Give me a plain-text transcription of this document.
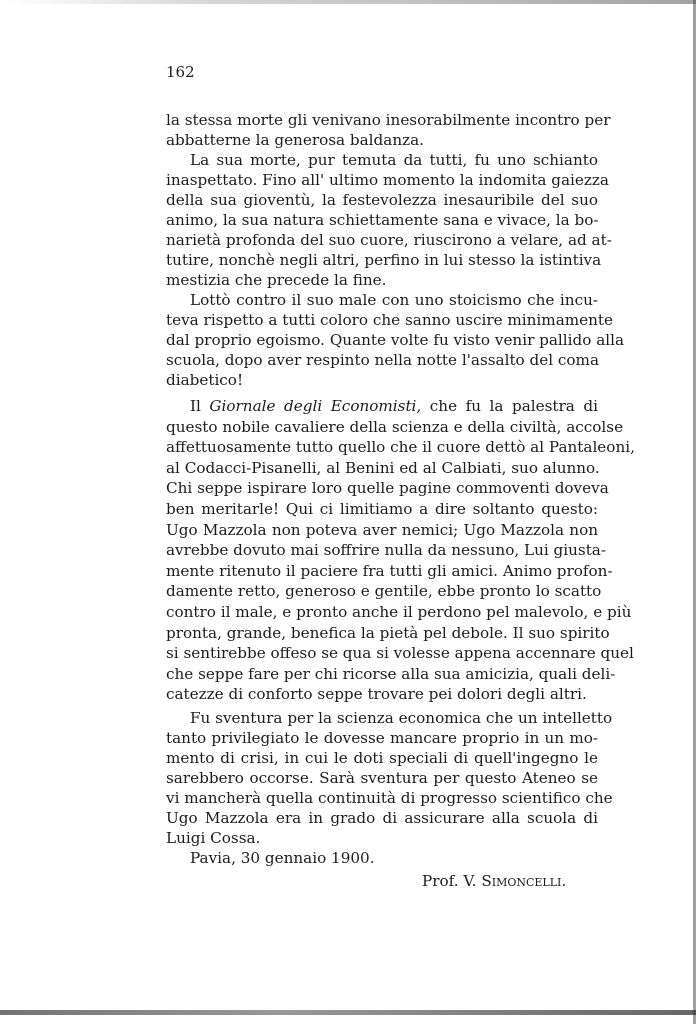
162
la stessa morte gli venivano inesorabilmente incontro per
abbatterne la generosa baldanza.
La sua morte, pur temuta da tutti, fu uno schianto
inaspettato. Fino all' ultimo momento la indomita gaiezza
della sua gioventù, la festevolezza inesauribile del suo
animo, la sua natura schiettamente sana e vivace, la bo-
narietà profonda del suo cuore, riuscirono a velare, ad at-
tutire, nonchè negli altri, perfino in lui stesso la istintiva
mestizia che precede la fine.
Lottò contro il suo male con uno stoicismo che incu-
teva rispetto a tutti coloro che sanno uscire minimamente
dal proprio egoismo. Quante volte fu visto venir pallido alla
scuola, dopo aver respinto nella notte l'assalto del coma
diabetico!
Il Giornale degli Economisti, che fu la palestra di
questo nobile cavaliere della scienza e della civiltà, accolse
affettuosamente tutto quello che il cuore dettò al Pantaleoni,
al Codacci-Pisanelli, al Benini ed al Calbiati, suo alunno.
Chi seppe ispirare loro quelle pagine commoventi doveva
ben meritarle! Qui ci limitiamo a dire soltanto questo:
Ugo Mazzola non poteva aver nemici; Ugo Mazzola non
avrebbe dovuto mai soffrire nulla da nessuno, Lui giusta-
mente ritenuto il paciere fra tutti gli amici. Animo profon-
damente retto, generoso e gentile, ebbe pronto lo scatto
contro il male, e pronto anche il perdono pel malevolo, e più
pronta, grande, benefica la pietà pel debole. Il suo spirito
si sentirebbe offeso se qua si volesse appena accennare quel
che seppe fare per chi ricorse alla sua amicizia, quali deli-
catezze di conforto seppe trovare pei dolori degli altri.
Fu sventura per la scienza economica che un intelletto
tanto privilegiato le dovesse mancare proprio in un mo-
mento di crisi, in cui le doti speciali di quell'ingegno le
sarebbero occorse. Sarà sventura per questo Ateneo se
vi mancherà quella continuità di progresso scientifico che
Ugo Mazzola era in grado di assicurare alla scuola di
Luigi Cossa.
Pavia, 30 gennaio 1900.
Prof. V. Simoncelli.
